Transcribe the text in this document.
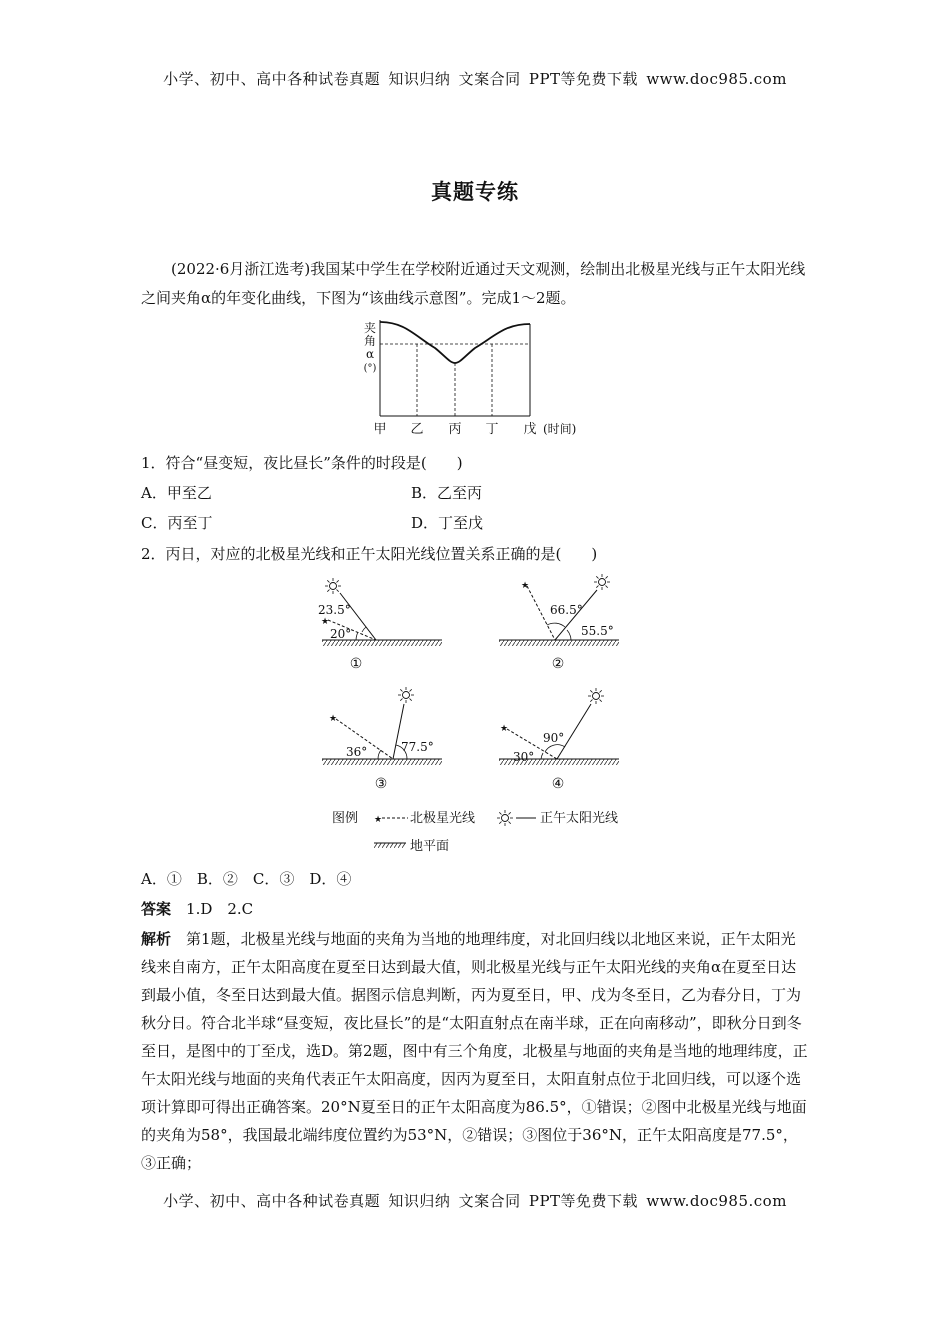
小学、初中、高中各种试卷真题 知识归纳 文案合同 PPT等免费下载 www.doc985.com
真题专练
(2022·6月浙江选考)我国某中学生在学校附近通过天文观测，绘制出北极星光线与正午太阳光线之间夹角α的年变化曲线，下图为“该曲线示意图”。完成1～2题。
夹
角
α
(°)
甲 乙 丙 丁 戊 (时间)
1．符合“昼变短，夜比昼长”条件的时段是(　　)
A．甲至乙	B．乙至丙
C．丙至丁	D．丁至戊
2．丙日，对应的北极星光线和正午太阳光线位置关系正确的是(　　)
★
23.5°
20°
①
★
66.5°
55.5°
②
★
36°	77.5°
③
★
90°
30°
④
图例 ★ 北极星光线	正午太阳光线
地平面
A．①　B．②　C．③　D．④
答案　 1.D　2.C
解析　 第1题，北极星光线与地面的夹角为当地的地理纬度，对北回归线以北地区来说，正午太阳光线来自南方，正午太阳高度在夏至日达到最大值，则北极星光线与正午太阳光线的夹角α在夏至日达到最小值，冬至日达到最大值。据图示信息判断，丙为夏至日，甲、戊为冬至日，乙为春分日，丁为秋分日。符合北半球“昼变短，夜比昼长”的是“太阳直射点在南半球，正在向南移动”，即秋分日到冬至日，是图中的丁至戊，选D。第2题，图中有三个角度，北极星与地面的夹角是当地的地理纬度，正午太阳光线与地面的夹角代表正午太阳高度，因丙为夏至日，太阳直射点位于北回归线，可以逐个选项计算即可得出正确答案。20°N夏至日的正午太阳高度为86.5°，①错误；②图中北极星光线与地面的夹角为58°，我国最北端纬度位置约为53°N，②错误；③图位于36°N，正午太阳高度是77.5°，③正确；
小学、初中、高中各种试卷真题 知识归纳 文案合同 PPT等免费下载 www.doc985.com
